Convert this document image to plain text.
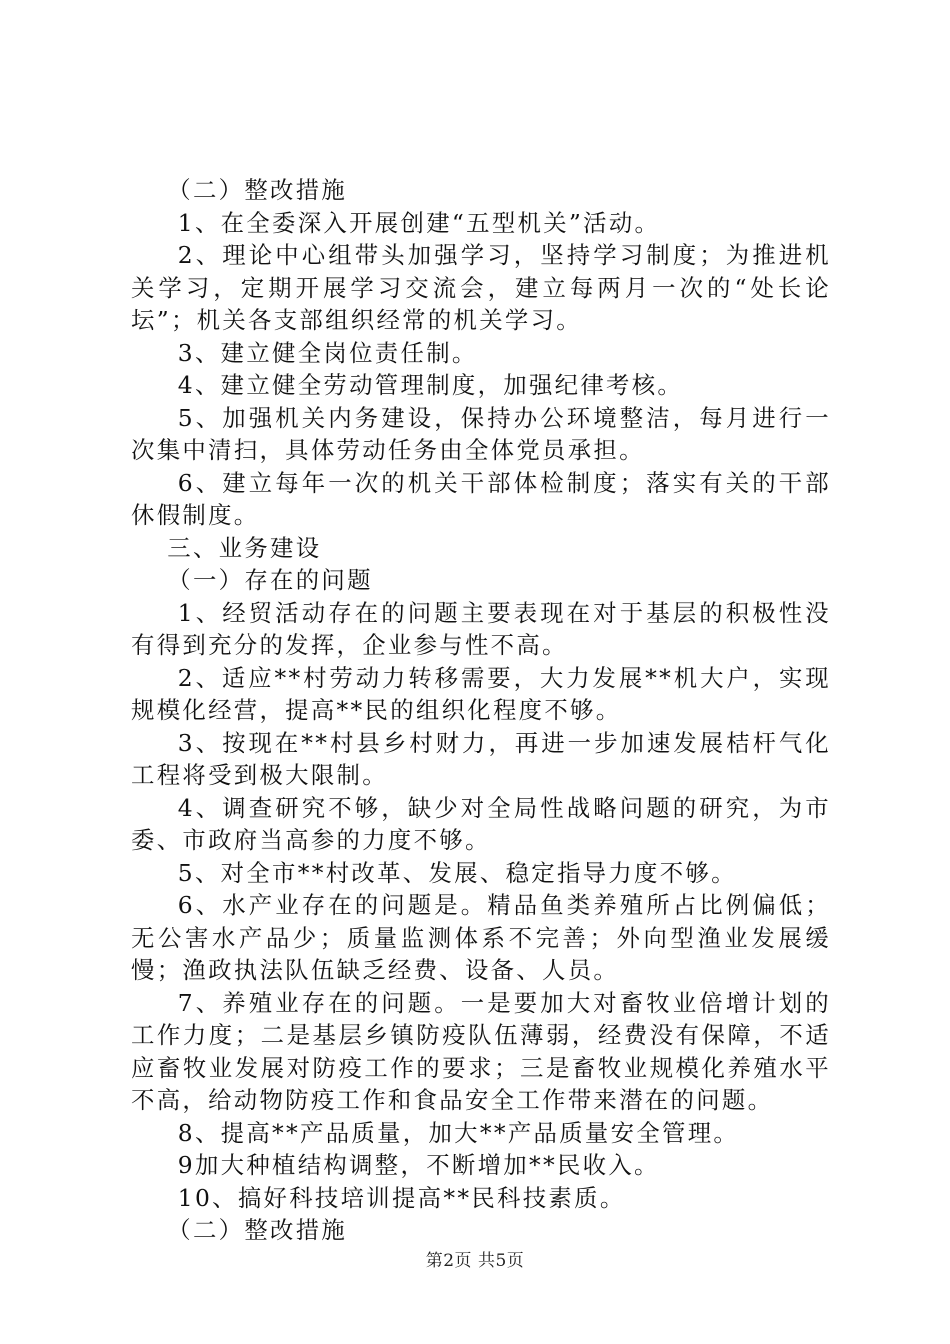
（二）整改措施

1、在全委深入开展创建“五型机关”活动。

2、理论中心组带头加强学习，坚持学习制度；为推进机关学习，定期开展学习交流会，建立每两月一次的“处长论坛”；机关各支部组织经常的机关学习。

3、建立健全岗位责任制。

4、建立健全劳动管理制度，加强纪律考核。

5、加强机关内务建设，保持办公环境整洁，每月进行一次集中清扫，具体劳动任务由全体党员承担。

6、建立每年一次的机关干部体检制度；落实有关的干部休假制度。

三、业务建设

（一）存在的问题

1、经贸活动存在的问题主要表现在对于基层的积极性没有得到充分的发挥，企业参与性不高。

2、适应**村劳动力转移需要，大力发展**机大户，实现规模化经营，提高**民的组织化程度不够。

3、按现在**村县乡村财力，再进一步加速发展桔杆气化工程将受到极大限制。

4、调查研究不够，缺少对全局性战略问题的研究，为市委、市政府当高参的力度不够。

5、对全市**村改革、发展、稳定指导力度不够。

6、水产业存在的问题是。精品鱼类养殖所占比例偏低；无公害水产品少；质量监测体系不完善；外向型渔业发展缓慢；渔政执法队伍缺乏经费、设备、人员。

7、养殖业存在的问题。一是要加大对畜牧业倍增计划的工作力度；二是基层乡镇防疫队伍薄弱，经费没有保障，不适应畜牧业发展对防疫工作的要求；三是畜牧业规模化养殖水平不高，给动物防疫工作和食品安全工作带来潜在的问题。

8、提高**产品质量，加大**产品质量安全管理。

9加大种植结构调整，不断增加**民收入。

10、搞好科技培训提高**民科技素质。

（二）整改措施

第2页 共5页
